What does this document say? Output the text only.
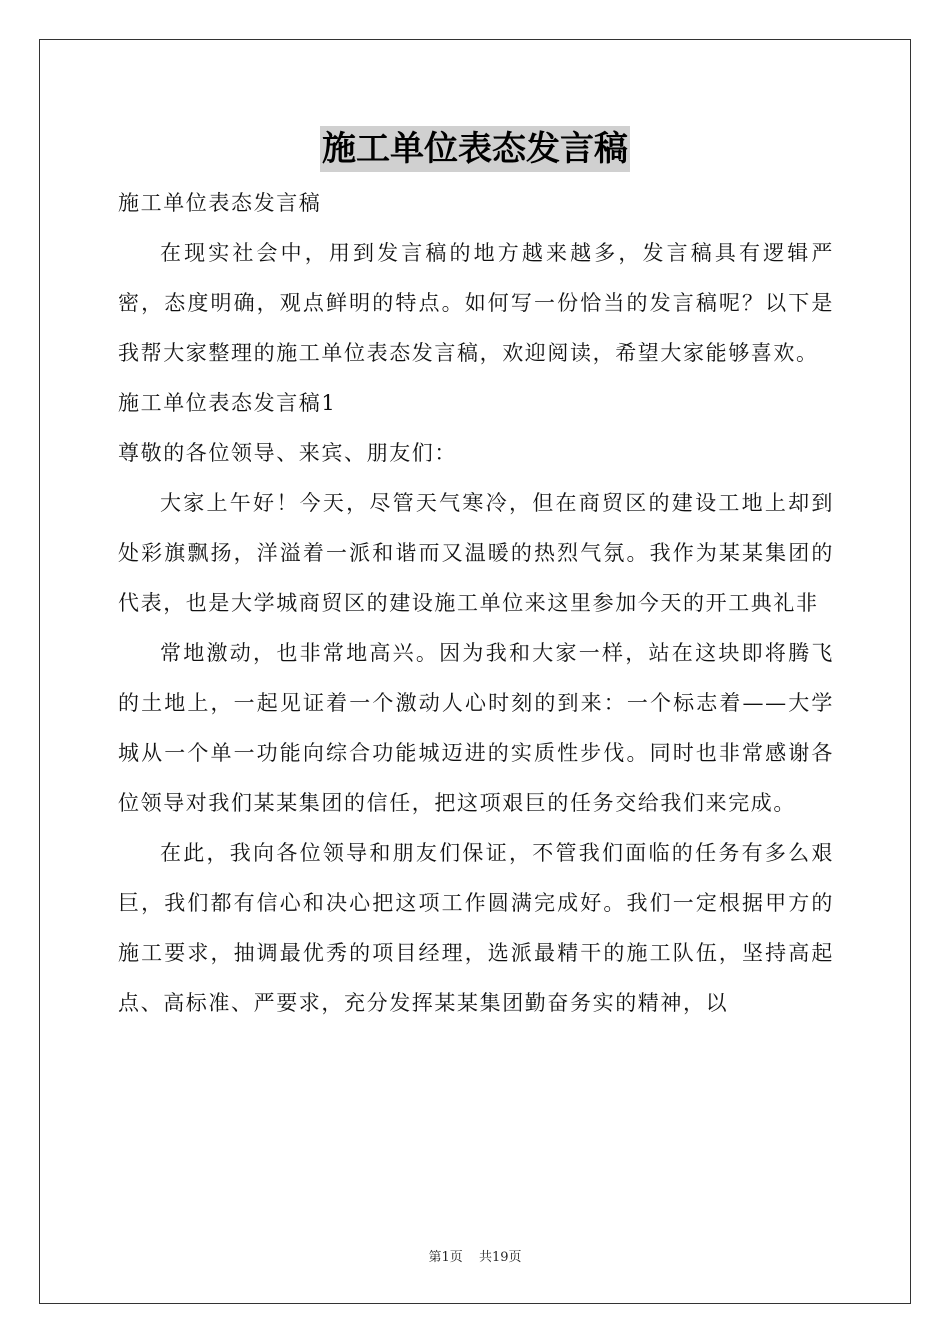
施工单位表态发言稿

施工单位表态发言稿

在现实社会中，用到发言稿的地方越来越多，发言稿具有逻辑严密，态度明确，观点鲜明的特点。如何写一份恰当的发言稿呢？以下是我帮大家整理的施工单位表态发言稿，欢迎阅读，希望大家能够喜欢。

施工单位表态发言稿1

尊敬的各位领导、来宾、朋友们：

大家上午好！今天，尽管天气寒冷，但在商贸区的建设工地上却到处彩旗飘扬，洋溢着一派和谐而又温暖的热烈气氛。我作为某某集团的代表，也是大学城商贸区的建设施工单位来这里参加今天的开工典礼非

常地激动，也非常地高兴。因为我和大家一样，站在这块即将腾飞的土地上，一起见证着一个激动人心时刻的到来：一个标志着——大学城从一个单一功能向综合功能城迈进的实质性步伐。同时也非常感谢各位领导对我们某某集团的信任，把这项艰巨的任务交给我们来完成。

在此，我向各位领导和朋友们保证，不管我们面临的任务有多么艰巨，我们都有信心和决心把这项工作圆满完成好。我们一定根据甲方的施工要求，抽调最优秀的项目经理，选派最精干的施工队伍，坚持高起点、高标准、严要求，充分发挥某某集团勤奋务实的精神，以

第1页 共19页
